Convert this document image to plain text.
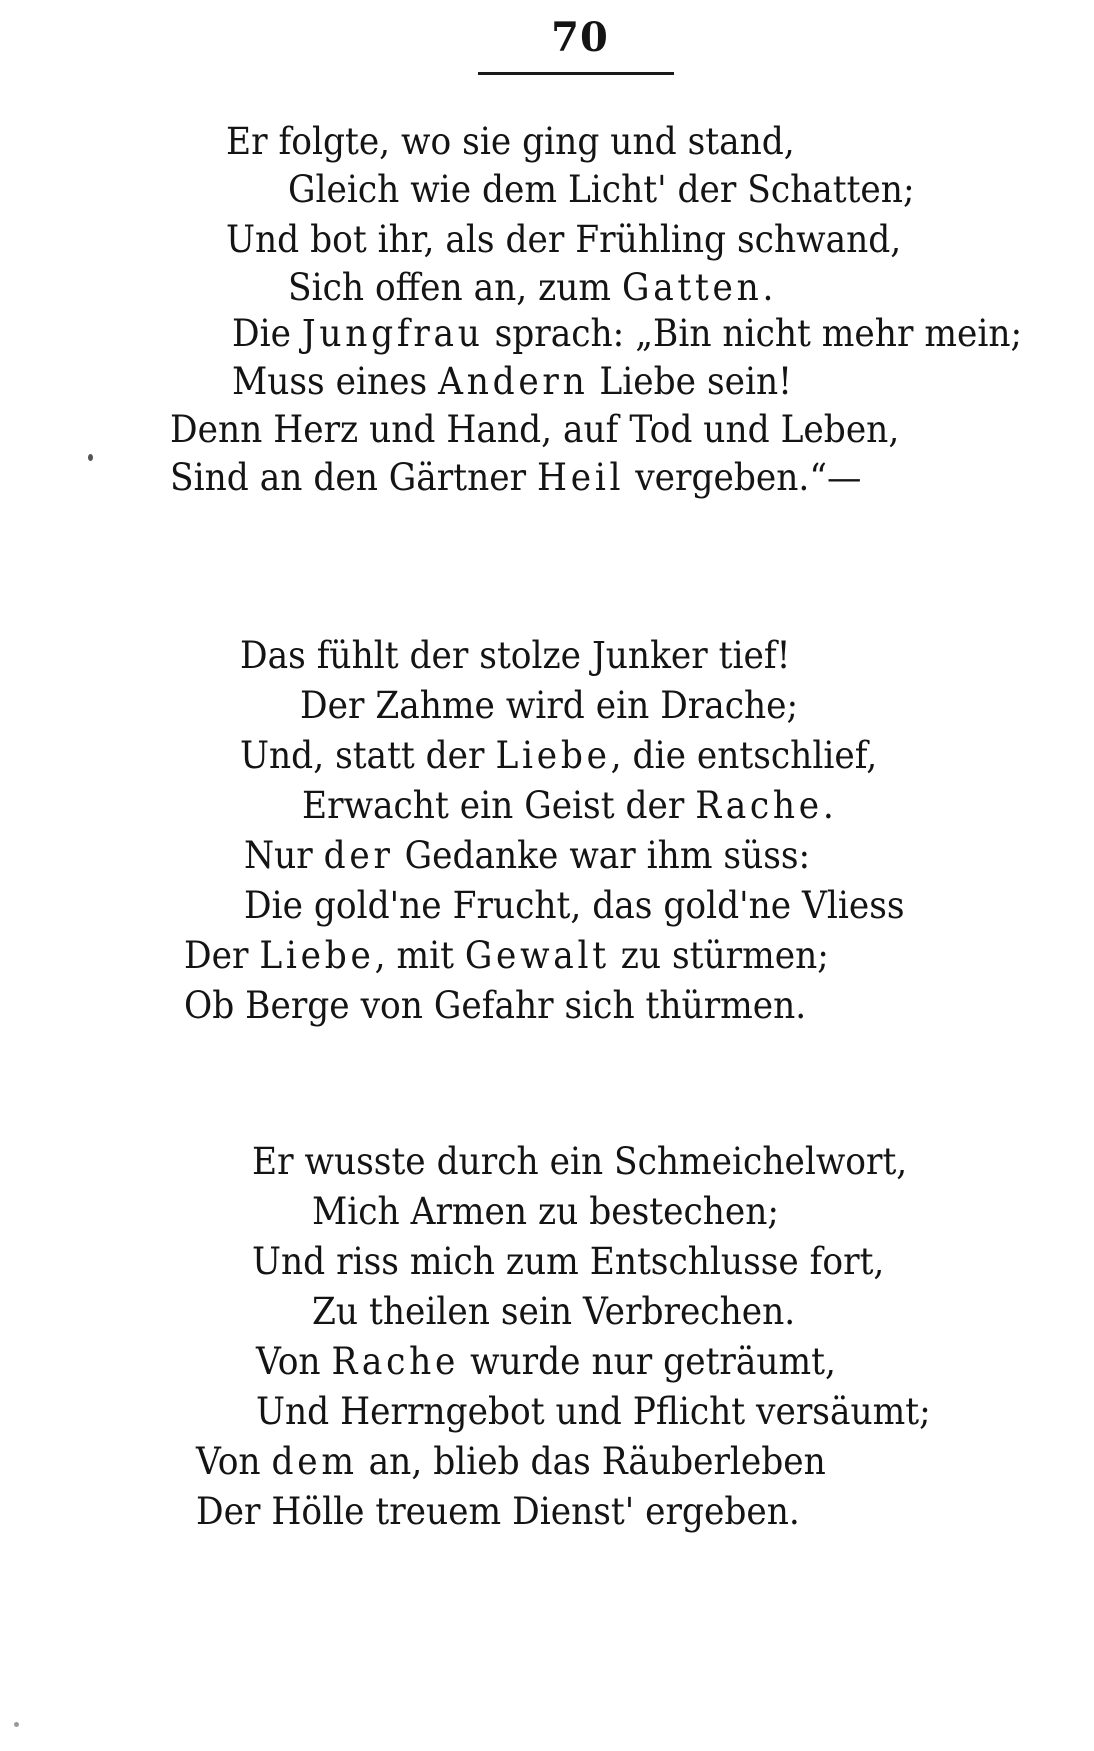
70
Er folgte, wo sie ging und stand,
Gleich wie dem Licht' der Schatten;
Und bot ihr, als der Frühling schwand,
Sich offen an, zum Gatten.
Die Jungfrau sprach: „Bin nicht mehr mein;
Muss eines Andern Liebe sein!
Denn Herz und Hand, auf Tod und Leben,
Sind an den Gärtner Heil vergeben.“—
Das fühlt der stolze Junker tief!
Der Zahme wird ein Drache;
Und, statt der Liebe, die entschlief,
Erwacht ein Geist der Rache.
Nur der Gedanke war ihm süss:
Die gold'ne Frucht, das gold'ne Vliess
Der Liebe, mit Gewalt zu stürmen;
Ob Berge von Gefahr sich thürmen.
Er wusste durch ein Schmeichelwort,
Mich Armen zu bestechen;
Und riss mich zum Entschlusse fort,
Zu theilen sein Verbrechen.
Von Rache wurde nur geträumt,
Und Herrngebot und Pflicht versäumt;
Von dem an, blieb das Räuberleben
Der Hölle treuem Dienst' ergeben.
